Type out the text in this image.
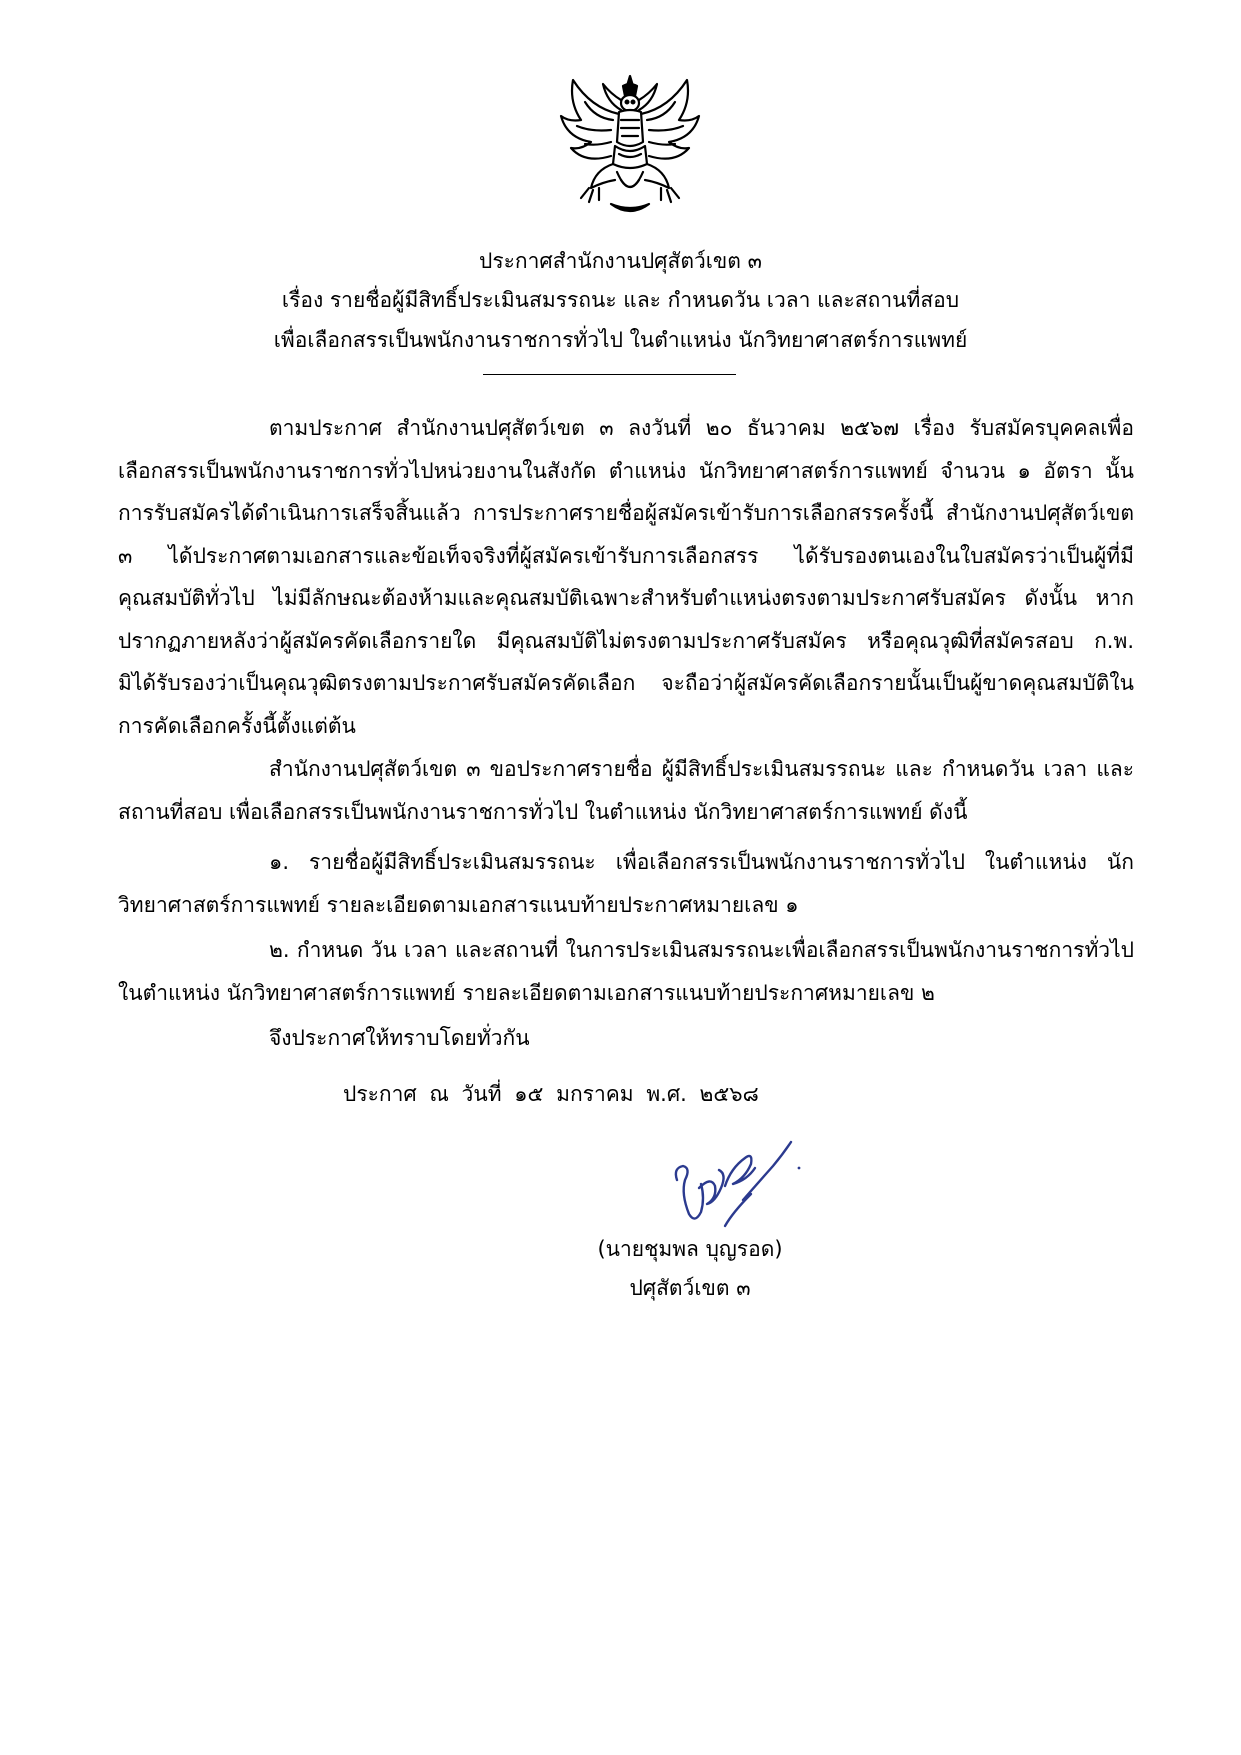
ประกาศสำนักงานปศุสัตว์เขต ๓
เรื่อง รายชื่อผู้มีสิทธิ์ประเมินสมรรถนะ และ กำหนดวัน เวลา และสถานที่สอบ
เพื่อเลือกสรรเป็นพนักงานราชการทั่วไป ในตำแหน่ง นักวิทยาศาสตร์การแพทย์
ตามประกาศ สำนักงานปศุสัตว์เขต ๓ ลงวันที่ ๒๐ ธันวาคม ๒๕๖๗ เรื่อง รับสมัครบุคคลเพื่อเลือกสรรเป็นพนักงานราชการทั่วไปหน่วยงานในสังกัด ตำแหน่ง นักวิทยาศาสตร์การแพทย์ จำนวน ๑ อัตรา นั้น การรับสมัครได้ดำเนินการเสร็จสิ้นแล้ว การประกาศรายชื่อผู้สมัครเข้ารับการเลือกสรรครั้งนี้ สำนักงานปศุสัตว์เขต ๓ ได้ประกาศตามเอกสารและข้อเท็จจริงที่ผู้สมัครเข้ารับการเลือกสรร ได้รับรองตนเองในใบสมัครว่าเป็นผู้ที่มีคุณสมบัติทั่วไป ไม่มีลักษณะต้องห้ามและคุณสมบัติเฉพาะสำหรับตำแหน่งตรงตามประกาศรับสมัคร ดังนั้น หากปรากฏภายหลังว่าผู้สมัครคัดเลือกรายใด มีคุณสมบัติไม่ตรงตามประกาศรับสมัคร หรือคุณวุฒิที่สมัครสอบ ก.พ. มิได้รับรองว่าเป็นคุณวุฒิตรงตามประกาศรับสมัครคัดเลือก จะถือว่าผู้สมัครคัดเลือกรายนั้นเป็นผู้ขาดคุณสมบัติในการคัดเลือกครั้งนี้ตั้งแต่ต้น
สำนักงานปศุสัตว์เขต ๓ ขอประกาศรายชื่อ ผู้มีสิทธิ์ประเมินสมรรถนะ และ กำหนดวัน เวลา และสถานที่สอบ เพื่อเลือกสรรเป็นพนักงานราชการทั่วไป ในตำแหน่ง นักวิทยาศาสตร์การแพทย์ ดังนี้
๑. รายชื่อผู้มีสิทธิ์ประเมินสมรรถนะ เพื่อเลือกสรรเป็นพนักงานราชการทั่วไป ในตำแหน่ง นักวิทยาศาสตร์การแพทย์ รายละเอียดตามเอกสารแนบท้ายประกาศหมายเลข ๑
๒. กำหนด วัน เวลา และสถานที่ ในการประเมินสมรรถนะเพื่อเลือกสรรเป็นพนักงานราชการทั่วไป ในตำแหน่ง นักวิทยาศาสตร์การแพทย์ รายละเอียดตามเอกสารแนบท้ายประกาศหมายเลข ๒
จึงประกาศให้ทราบโดยทั่วกัน
ประกาศ ณ วันที่ ๑๕ มกราคม พ.ศ. ๒๕๖๘
(นายชุมพล บุญรอด)
ปศุสัตว์เขต ๓
